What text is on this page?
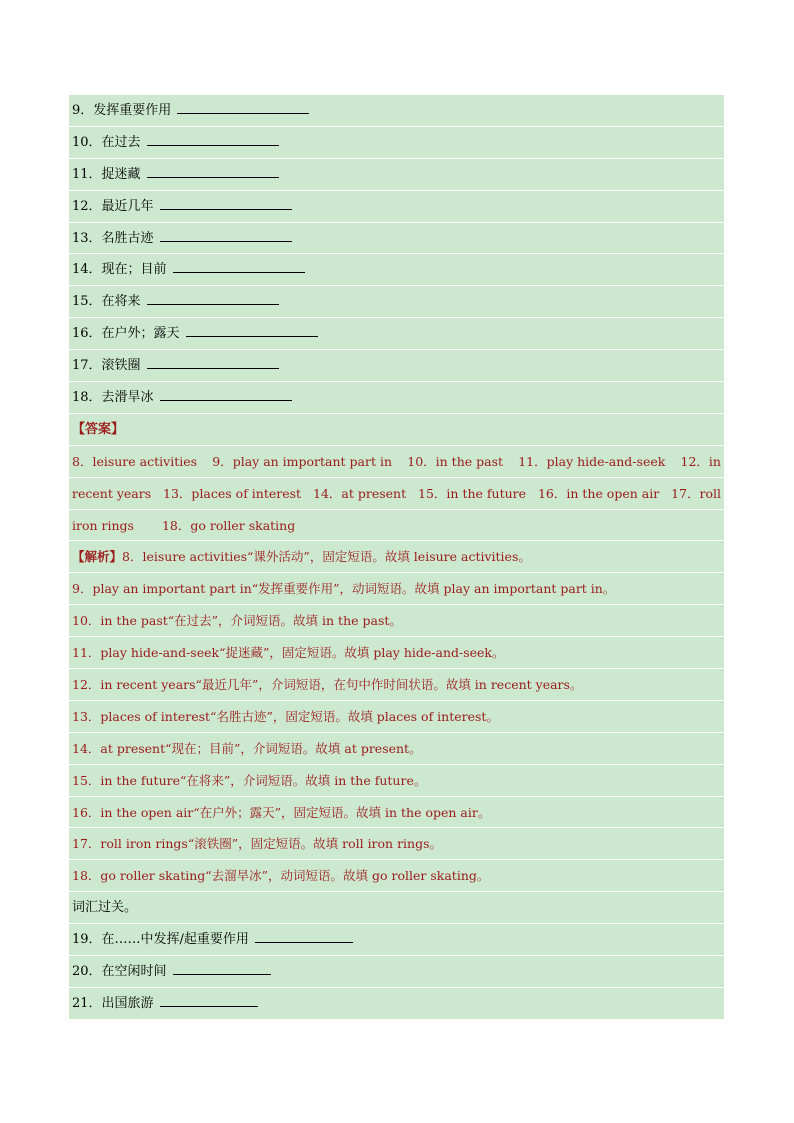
9．发挥重要作用
10．在过去
11．捉迷藏
12．最近几年
13．名胜古迹
14．现在；目前
15．在将来
16．在户外；露天
17．滚铁圈
18．去滑旱冰
【答案】
8．leisure activities 9．play an important part in 10．in the past 11．play hide-and-seek 12．in
recent years 13．places of interest 14．at present 15．in the future 16．in the open air 17．roll
iron rings 18．go roller skating
【解析】8．leisure activities“课外活动”，固定短语。故填 leisure activities。
9．play an important part in“发挥重要作用”，动词短语。故填 play an important part in。
10．in the past“在过去”，介词短语。故填 in the past。
11．play hide-and-seek“捉迷藏”，固定短语。故填 play hide-and-seek。
12．in recent years“最近几年”，介词短语，在句中作时间状语。故填 in recent years。
13．places of interest“名胜古迹”，固定短语。故填 places of interest。
14．at present“现在；目前”，介词短语。故填 at present。
15．in the future“在将来”，介词短语。故填 in the future。
16．in the open air“在户外；露天”，固定短语。故填 in the open air。
17．roll iron rings“滚铁圈”，固定短语。故填 roll iron rings。
18．go roller skating“去溜旱冰”，动词短语。故填 go roller skating。
词汇过关。
19．在……中发挥/起重要作用
20．在空闲时间
21．出国旅游
